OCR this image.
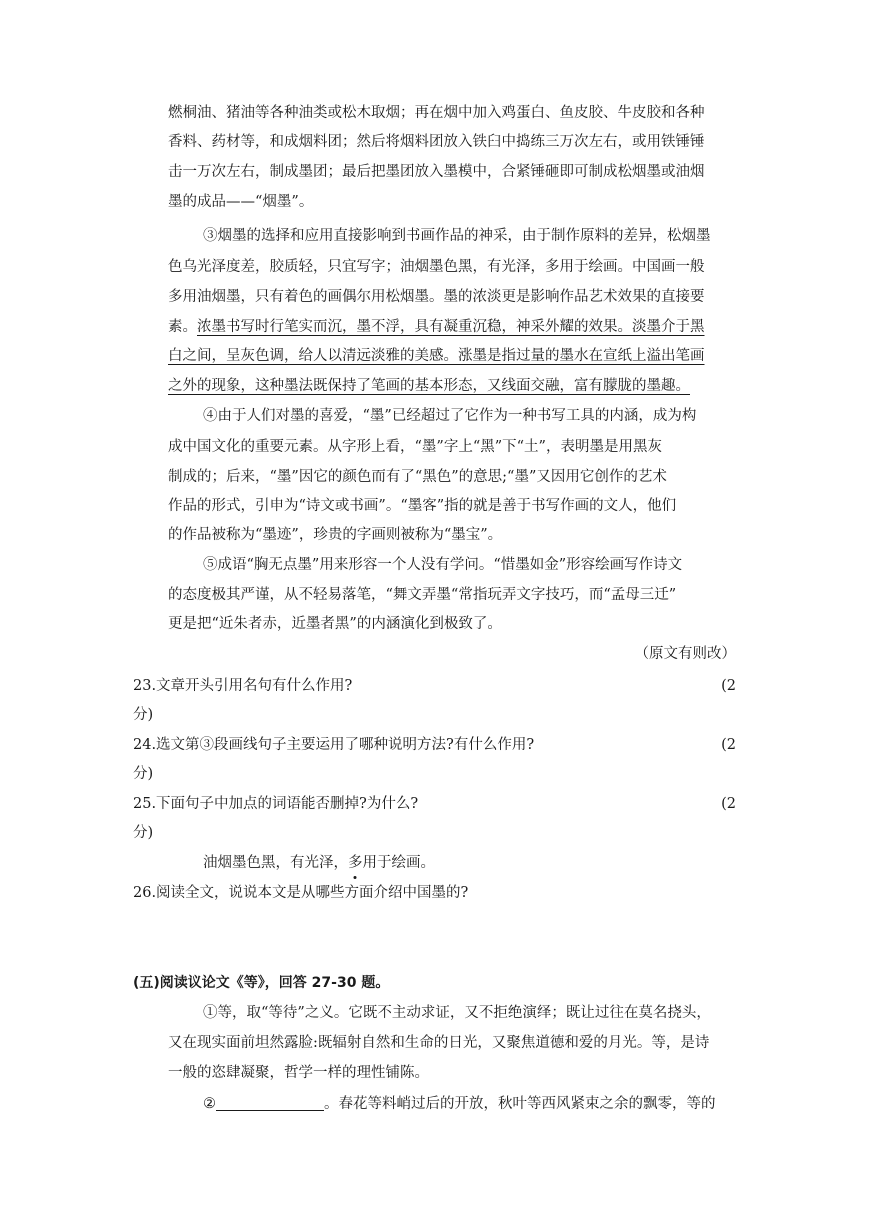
燃桐油、猪油等各种油类或松木取烟；再在烟中加入鸡蛋白、鱼皮胶、牛皮胶和各种
香料、药材等，和成烟料团；然后将烟料团放入铁臼中捣练三万次左右，或用铁锤锤
击一万次左右，制成墨团；最后把墨团放入墨模中，合紧锤砸即可制成松烟墨或油烟
墨的成品——“烟墨”。
③烟墨的选择和应用直接影响到书画作品的神采，由于制作原料的差异，松烟墨
色乌光泽度差，胶质轻，只宜写字；油烟墨色黑，有光泽，多用于绘画。中国画一般
多用油烟墨，只有着色的画偶尔用松烟墨。墨的浓淡更是影响作品艺术效果的直接要
素。浓墨书写时行笔实而沉，墨不浮，具有凝重沉稳，神采外耀的效果。淡墨介于黑
白之间，呈灰色调，给人以清远淡雅的美感。涨墨是指过量的墨水在宣纸上溢出笔画
之外的现象，这种墨法既保持了笔画的基本形态，又线面交融，富有朦胧的墨趣。
④由于人们对墨的喜爱，“墨”已经超过了它作为一种书写工具的内涵，成为构
成中国文化的重要元素。从字形上看，“墨”字上“黑”下“土”，表明墨是用黑灰
制成的；后来，“墨”因它的颜色而有了“黑色”的意思;“墨”又因用它创作的艺术
作品的形式，引申为“诗文或书画”。“墨客”指的就是善于书写作画的文人，他们
的作品被称为“墨迹”，珍贵的字画则被称为“墨宝”。
⑤成语“胸无点墨”用来形容一个人没有学问。“惜墨如金”形容绘画写作诗文
的态度极其严谨，从不轻易落笔，“舞文弄墨“常指玩弄文字技巧，而“孟母三迁”
更是把“近朱者赤，近墨者黑”的内涵演化到极致了。
（原文有则改）
23.文章开头引用名句有什么作用?	(2
分)
24.选文第③段画线句子主要运用了哪种说明方法?有什么作用?	(2
分)
25.下面句子中加点的词语能否删掉?为什么?	(2
分)
油烟墨色黑，有光泽，多用于绘画。
26.阅读全文，说说本文是从哪些方面介绍中国墨的?
(五)阅读议论文《等》，回答 27-30 题。
①等，取“等待”之义。它既不主动求证，又不拒绝演绎；既让过往在莫名挠头，
又在现实面前坦然露脸:既辐射自然和生命的日光，又聚焦道德和爱的月光。等，是诗
一般的恣肆凝聚，哲学一样的理性铺陈。
②	。春花等料峭过后的开放，秋叶等西风紧束之余的飘零，等的
